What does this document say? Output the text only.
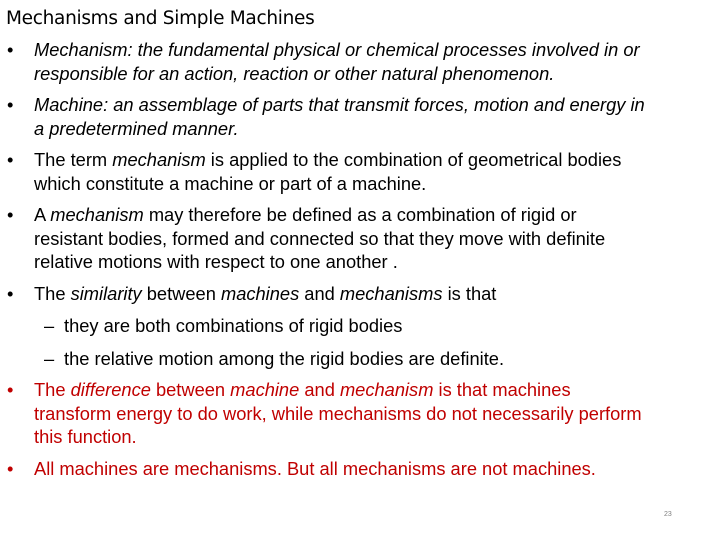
Mechanisms and Simple Machines
• Mechanism: the fundamental physical or chemical processes involved in or
responsible for an action, reaction or other natural phenomenon.
• Machine: an assemblage of parts that transmit forces, motion and energy in
a predetermined manner.
• The term mechanism is applied to the combination of geometrical bodies
which constitute a machine or part of a machine.
• A mechanism may therefore be defined as a combination of rigid or
resistant bodies, formed and connected so that they move with definite
relative motions with respect to one another .
• The similarity between machines and mechanisms is that
– they are both combinations of rigid bodies
– the relative motion among the rigid bodies are definite.
• The difference between machine and mechanism is that machines
transform energy to do work, while mechanisms do not necessarily perform
this function.
• All machines are mechanisms. But all mechanisms are not machines.
23
